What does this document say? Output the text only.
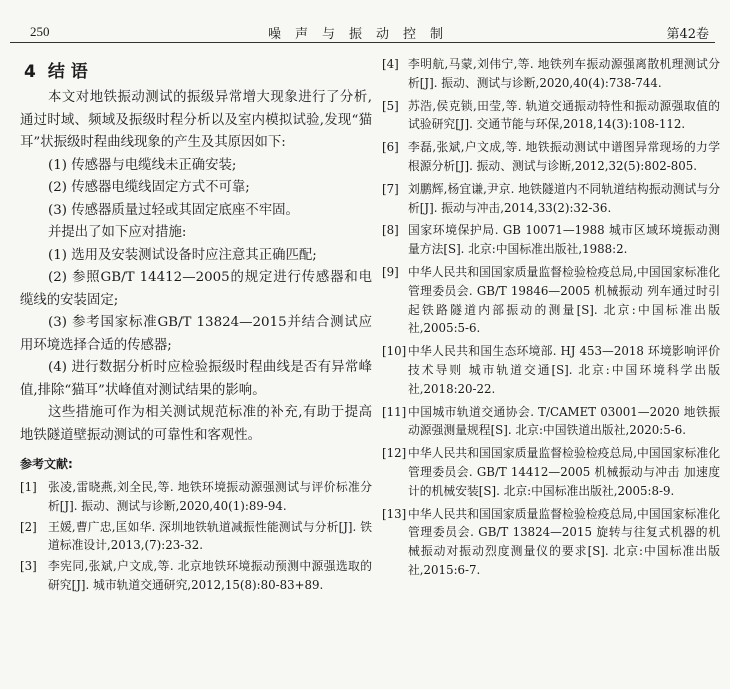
250	噪声与振动控制	第42卷
4 结 语

本文对地铁振动测试的振级异常增大现象进行了分析,通过时域、频域及振级时程分析以及室内模拟试验,发现“猫耳”状振级时程曲线现象的产生及其原因如下:

(1) 传感器与电缆线未正确安装;

(2) 传感器电缆线固定方式不可靠;

(3) 传感器质量过轻或其固定底座不牢固。

并提出了如下应对措施:

(1) 选用及安装测试设备时应注意其正确匹配;

(2) 参照GB/T 14412—2005的规定进行传感器和电缆线的安装固定;

(3) 参考国家标准GB/T 13824—2015并结合测试应用环境选择合适的传感器;

(4) 进行数据分析时应检验振级时程曲线是否有异常峰值,排除“猫耳”状峰值对测试结果的影响。

这些措施可作为相关测试规范标准的补充,有助于提高地铁隧道壁振动测试的可靠性和客观性。

参考文献:
[1] 张凌,雷晓燕,刘全民,等. 地铁环境振动源强测试与评价标准分析[J]. 振动、测试与诊断,2020,40(1):89-94.
[2] 王媛,曹广忠,匡如华. 深圳地铁轨道减振性能测试与分析[J]. 铁道标准设计,2013,(7):23-32.
[3] 李宪同,张斌,户文成,等. 北京地铁环境振动预测中源强选取的研究[J]. 城市轨道交通研究,2012,15(8):80-83+89.
[4] 李明航,马蒙,刘伟宁,等. 地铁列车振动源强离散机理测试分析[J]. 振动、测试与诊断,2020,40(4):738-744.
[5] 苏浩,侯克锁,田莹,等. 轨道交通振动特性和振动源强取值的试验研究[J]. 交通节能与环保,2018,14(3):108-112.
[6] 李磊,张斌,户文成,等. 地铁振动测试中谱图异常现场的力学根源分析[J]. 振动、测试与诊断,2012,32(5):802-805.
[7] 刘鹏辉,杨宜谦,尹京. 地铁隧道内不同轨道结构振动测试与分析[J]. 振动与冲击,2014,33(2):32-36.
[8] 国家环境保护局. GB 10071—1988 城市区域环境振动测量方法[S]. 北京:中国标准出版社,1988:2.
[9] 中华人民共和国国家质量监督检验检疫总局,中国国家标准化管理委员会. GB/T 19846—2005 机械振动 列车通过时引起铁路隧道内部振动的测量[S]. 北京:中国标准出版社,2005:5-6.
[10] 中华人民共和国生态环境部. HJ 453—2018 环境影响评价技术导则 城市轨道交通[S]. 北京:中国环境科学出版社,2018:20-22.
[11] 中国城市轨道交通协会. T/CAMET 03001—2020 地铁振动源强测量规程[S]. 北京:中国铁道出版社,2020:5-6.
[12] 中华人民共和国国家质量监督检验检疫总局,中国国家标准化管理委员会. GB/T 14412—2005 机械振动与冲击 加速度计的机械安装[S]. 北京:中国标准出版社,2005:8-9.
[13] 中华人民共和国国家质量监督检验检疫总局,中国国家标准化管理委员会. GB/T 13824—2015 旋转与往复式机器的机械振动对振动烈度测量仪的要求[S]. 北京:中国标准出版社,2015:6-7.
